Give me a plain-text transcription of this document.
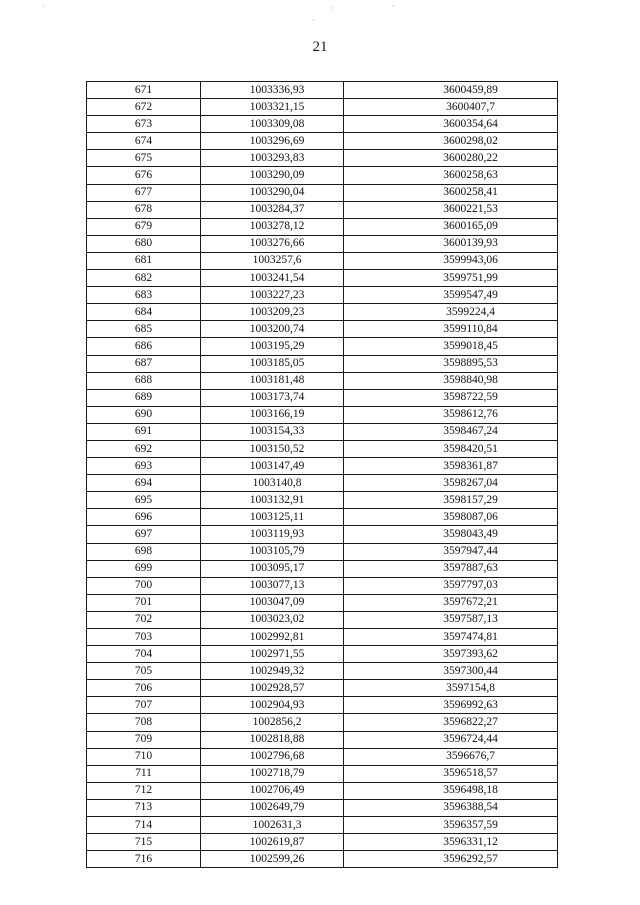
·	·	·
·
21
671	1003336,93	3600459,89
672	1003321,15	3600407,7
673	1003309,08	3600354,64
674	1003296,69	3600298,02
675	1003293,83	3600280,22
676	1003290,09	3600258,63
677	1003290,04	3600258,41
678	1003284,37	3600221,53
679	1003278,12	3600165,09
680	1003276,66	3600139,93
681	1003257,6	3599943,06
682	1003241,54	3599751,99
683	1003227,23	3599547,49
684	1003209,23	3599224,4
685	1003200,74	3599110,84
686	1003195,29	3599018,45
687	1003185,05	3598895,53
688	1003181,48	3598840,98
689	1003173,74	3598722,59
690	1003166,19	3598612,76
691	1003154,33	3598467,24
692	1003150,52	3598420,51
693	1003147,49	3598361,87
694	1003140,8	3598267,04
695	1003132,91	3598157,29
696	1003125,11	3598087,06
697	1003119,93	3598043,49
698	1003105,79	3597947,44
699	1003095,17	3597887,63
700	1003077,13	3597797,03
701	1003047,09	3597672,21
702	1003023,02	3597587,13
703	1002992,81	3597474,81
704	1002971,55	3597393,62
705	1002949,32	3597300,44
706	1002928,57	3597154,8
707	1002904,93	3596992,63
708	1002856,2	3596822,27
709	1002818,88	3596724,44
710	1002796,68	3596676,7
711	1002718,79	3596518,57
712	1002706,49	3596498,18
713	1002649,79	3596388,54
714	1002631,3	3596357,59
715	1002619,87	3596331,12
716	1002599,26	3596292,57
